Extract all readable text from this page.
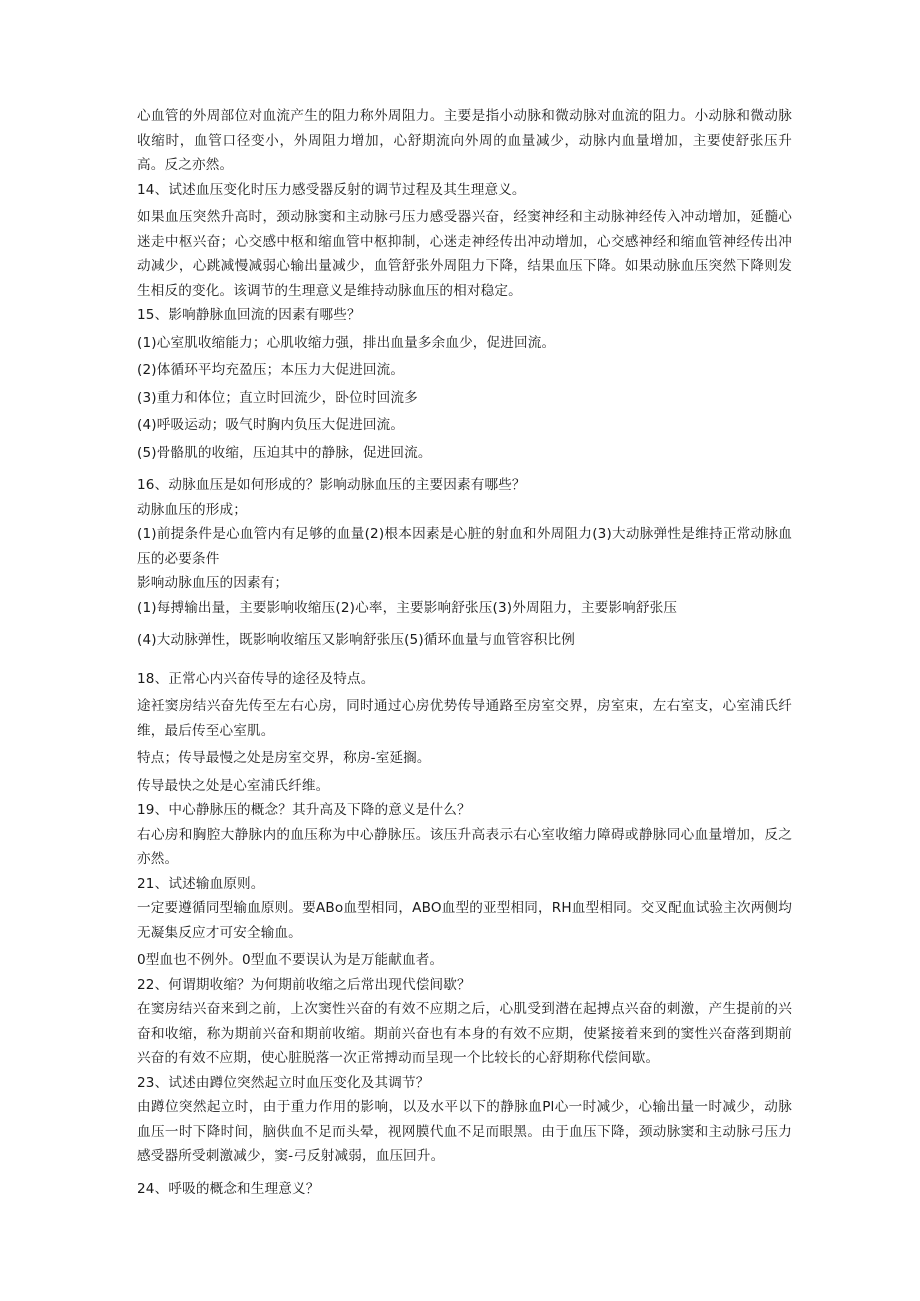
心血管的外周部位对血流产生的阻力称外周阻力。主要是指小动脉和微动脉对血流的阻力。小动脉和微动脉收缩时，血管口径变小，外周阻力增加，心舒期流向外周的血量减少，动脉内血量增加，主要使舒张压升高。反之亦然。

14、试述血压变化时压力感受器反射的调节过程及其生理意义。

如果血压突然升高时，颈动脉窦和主动脉弓压力感受器兴奋，经窦神经和主动脉神经传入冲动增加，延髓心迷走中枢兴奋；心交感中枢和缩血管中枢抑制，心迷走神经传出冲动增加，心交感神经和缩血管神经传出冲动减少，心跳减慢减弱心输出量减少，血管舒张外周阻力下降，结果血压下降。如果动脉血压突然下降则发生相反的变化。该调节的生理意义是维持动脉血压的相对稳定。

15、影响静脉血回流的因素有哪些？

(1)心室肌收缩能力；心肌收缩力强，排出血量多余血少，促进回流。

(2)体循环平均充盈压；本压力大促进回流。

(3)重力和体位；直立时回流少，卧位时回流多

(4)呼吸运动；吸气时胸内负压大促进回流。

(5)骨骼肌的收缩，压迫其中的静脉，促进回流。

16、动脉血压是如何形成的？影响动脉血压的主要因素有哪些？

动脉血压的形成；

(1)前提条件是心血管内有足够的血量(2)根本因素是心脏的射血和外周阻力(3)大动脉弹性是维持正常动脉血压的必要条件

影响动脉血压的因素有；

(1)每搏输出量，主要影响收缩压(2)心率，主要影响舒张压(3)外周阻力，主要影响舒张压

(4)大动脉弹性，既影响收缩压又影响舒张压(5)循环血量与血管容积比例

18、正常心内兴奋传导的途径及特点。

途衽窦房结兴奋先传至左右心房，同时通过心房优势传导通路至房室交界，房室束，左右室支，心室浦氏纤维，最后传至心室肌。

特点；传导最慢之处是房室交界，称房-室延搁。

传导最快之处是心室浦氏纤维。

19、中心静脉压的概念？其升高及下降的意义是什么？

右心房和胸腔大静脉内的血压称为中心静脉压。该压升高表示右心室收缩力障碍或静脉同心血量增加，反之亦然。

21、试述输血原则。

一定要遵循同型输血原则。要ABo血型相同，ABO血型的亚型相同，RH血型相同。交叉配血试验主次两侧均无凝集反应才可安全输血。

0型血也不例外。0型血不要误认为是万能献血者。

22、何谓期收缩？为何期前收缩之后常出现代偿间歇？

在窦房结兴奋来到之前，上次窦性兴奋的有效不应期之后，心肌受到潜在起搏点兴奋的刺激，产生提前的兴奋和收缩，称为期前兴奋和期前收缩。期前兴奋也有本身的有效不应期，使紧接着来到的窦性兴奋落到期前兴奋的有效不应期，使心脏脱落一次正常搏动而呈现一个比较长的心舒期称代偿间歇。

23、试述由蹲位突然起立时血压变化及其调节？

由蹲位突然起立时，由于重力作用的影响，以及水平以下的静脉血Pl心一时减少，心输出量一时减少，动脉血压一时下降时间，脑供血不足而头晕，视网膜代血不足而眼黑。由于血压下降，颈动脉窦和主动脉弓压力感受器所受刺激减少，窦-弓反射减弱，血压回升。

24、呼吸的概念和生理意义？
